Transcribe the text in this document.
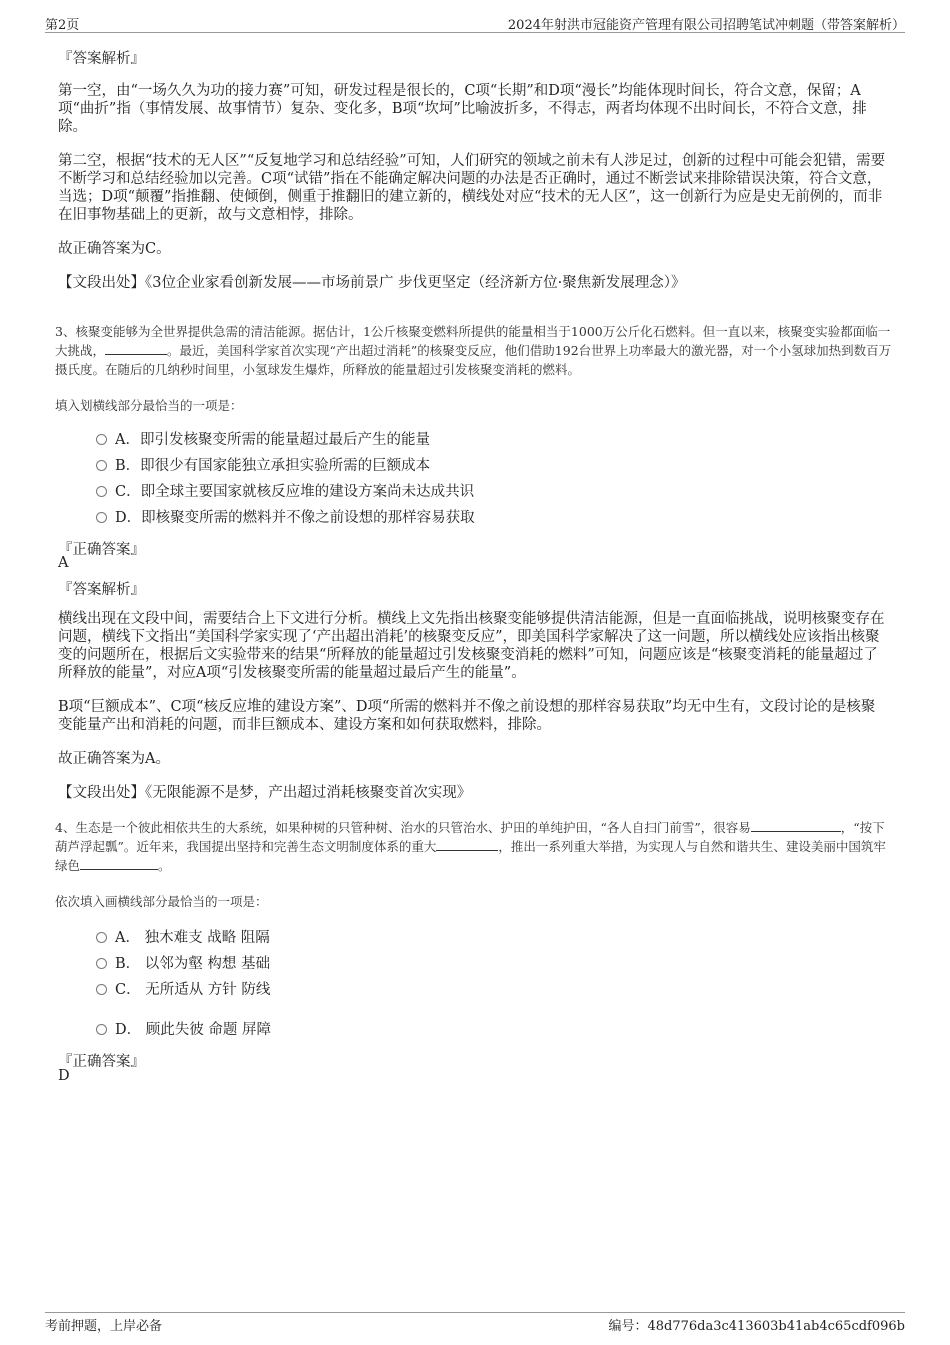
第2页	2024年射洪市冠能资产管理有限公司招聘笔试冲刺题（带答案解析）
『答案解析』
第一空，由“一场久久为功的接力赛”可知，研发过程是很长的，C项“长期”和D项“漫长”均能体现时间长，符合文意，保留；A项“曲折”指（事情发展、故事情节）复杂、变化多，B项“坎坷”比喻波折多，不得志，两者均体现不出时间长，不符合文意，排除。
第二空，根据“技术的无人区”“反复地学习和总结经验”可知，人们研究的领域之前未有人涉足过，创新的过程中可能会犯错，需要不断学习和总结经验加以完善。C项“试错”指在不能确定解决问题的办法是否正确时，通过不断尝试来排除错误決策，符合文意，当选；D项“颠覆”指推翻、使倾倒，侧重于推翻旧的建立新的，横线处对应“技术的无人区”，这一创新行为应是史无前例的，而非在旧事物基础上的更新，故与文意相悖，排除。
故正确答案为C。
【文段出处】《3位企业家看创新发展——市场前景广 步伐更坚定（经济新方位·聚焦新发展理念）》
3、核聚变能够为全世界提供急需的清洁能源。据估计，1公斤核聚变燃料所提供的能量相当于1000万公斤化石燃料。但一直以来，核聚变实验都面临一大挑战，	。最近，美国科学家首次实现“产出超过消耗”的核聚变反应，他们借助192台世界上功率最大的激光器，对一个小氢球加热到数百万摄氏度。在随后的几纳秒时间里，小氢球发生爆炸，所释放的能量超过引发核聚变消耗的燃料。
填入划横线部分最恰当的一项是：
A．即引发核聚变所需的能量超过最后产生的能量
B．即很少有国家能独立承担实验所需的巨额成本
C．即全球主要国家就核反应堆的建设方案尚未达成共识
D．即核聚变所需的燃料并不像之前设想的那样容易获取
『正确答案』
A
『答案解析』
横线出现在文段中间，需要结合上下文进行分析。横线上文先指出核聚变能够提供清洁能源，但是一直面临挑战，说明核聚变存在问题，横线下文指出“美国科学家实现了‘产出超出消耗’的核聚变反应”，即美国科学家解决了这一问题，所以横线处应该指出核聚变的问题所在，根据后文实验带来的结果“所释放的能量超过引发核聚变消耗的燃料”可知，问题应该是“核聚变消耗的能量超过了所释放的能量”，对应A项“引发核聚变所需的能量超过最后产生的能量”。
B项“巨额成本”、C项“核反应堆的建设方案”、D项“所需的燃料并不像之前设想的那样容易获取”均无中生有，文段讨论的是核聚变能量产出和消耗的问题，而非巨额成本、建设方案和如何获取燃料，排除。
故正确答案为A。
【文段出处】《无限能源不是梦，产出超过消耗核聚变首次实现》
4、生态是一个彼此相依共生的大系统，如果种树的只管种树、治水的只管治水、护田的单纯护田，“各人自扫门前雪”，很容易	，“按下葫芦浮起瓢”。近年来，我国提出坚持和完善生态文明制度体系的重大	，推出一系列重大举措，为实现人与自然和谐共生、建设美丽中国筑牢绿色	。
依次填入画横线部分最恰当的一项是：
A． 独木难支 战略 阻隔
B． 以邻为壑 构想 基础
C． 无所适从 方针 防线
D． 顾此失彼 命题 屏障
『正确答案』
D
考前押题，上岸必备	编号：48d776da3c413603b41ab4c65cdf096b
